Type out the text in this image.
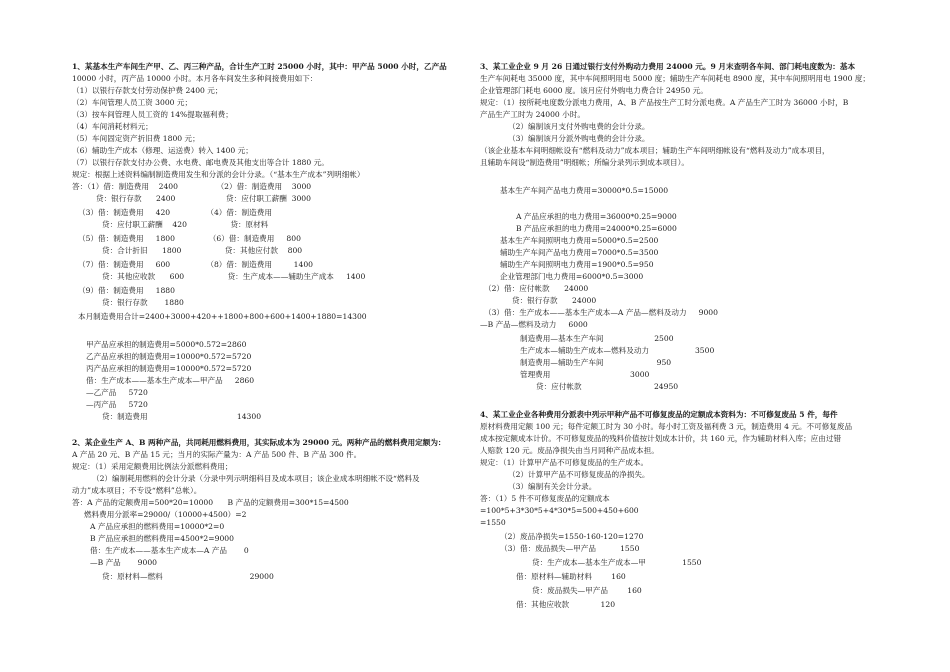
1、某基本生产车间生产甲、乙、丙三种产品，合计生产工时 25000 小时，其中：甲产品 5000 小时，乙产品
10000 小时，丙产品 10000 小时。本月各车间发生多种间接费用如下：
（1）以银行存款支付劳动保护费 2400 元；
（2）车间管理人员工资 3000 元；
（3）按车间管理人员工资的 14%提取福利费；
（4）车间消耗材料元；
（5）车间固定资产折旧费 1800 元；
（6）辅助生产成本（修理、运送费）转入 1400 元；
（7）以银行存款支付办公费、水电费、邮电费及其他支出等合计 1880 元。
规定：根据上述资料编制制造费用发生和分派的会计分录。（“基本生产成本”列明细帐）
答：（1）借：制造费用    2400                （2）借：制造费用    3000
贷：银行存款      2400                     贷：应付职工薪酬  3000
（3）借：制造费用     420               （4）借：制造费用
贷：应付职工薪酬    420                  贷：原材料
（5）借：制造费用     1800              （6）借：制造费用     800
贷：合计折旧      1800                  贷：其他应付款    800
（7）借：制造费用     600               （8）借：制造费用         1400
贷：其他应收款      600                  贷：生产成本——辅助生产成本     1400
（9）借：制造费用     1880
贷：银行存款       1880
本月制造费用合计=2400+3000+420++1800+800+600+1400+1880=14300
甲产品应承担的制造费用=5000*0.572=2860
乙产品应承担的制造费用=10000*0.572=5720
丙产品应承担的制造费用=10000*0.572=5720
借：生产成本——基本生产成本—甲产品     2860
—乙产品     5720
—丙产品     5720
贷：制造费用                                     14300
2、某企业生产 A、B 两种产品，共同耗用燃料费用，其实际成本为 29000 元。两种产品的燃料费用定额为：
A 产品 20 元、B 产品 15 元；当月的实际产量为：A 产品 500 件、B 产品 300 件。
规定：（1）采用定额费用比例法分派燃料费用；
（2）编制耗用燃料的会计分录（分录中列示明细科目及成本项目；该企业成本明细帐不设“燃料及
动力”成本项目；不专设“燃料”总帐）。
答：A 产品的定额费用=500*20=10000      B 产品的定额费用=300*15=4500
燃料费用分派率=29000/（10000+4500）=2
A 产品应承担的燃料费用=10000*2=0
B 产品应承担的燃料费用=4500*2=9000
借：生产成本——基本生产成本—A 产品       0
—B 产品       9000
贷：原材料—燃料                                    29000
3、某工业企业 9 月 26 日通过银行支付外购动力费用 24000 元。9 月末查明各车间、部门耗电度数为：基本
生产车间耗电 35000 度，其中车间照明用电 5000 度；辅助生产车间耗电 8900 度，其中车间照明用电 1900 度；
企业管理部门耗电 6000 度。该月应付外购电力费合计 24950 元。
规定：（1）按所耗电度数分派电力费用，A、B 产品按生产工时分派电费。A 产品生产工时为 36000 小时，B
产品生产工时为 24000 小时。
（2）编制该月支付外购电费的会计分录。
（3）编制该月分派外购电费的会计分录。
（该企业基本车间明细帐设有“燃料及动力”成本项目；辅助生产车间明细帐设有“燃料及动力”成本项目，
且辅助车间设“制造费用”明细帐；所编分录列示到成本项目）。
基本生产车间产品电力费用=30000*0.5=15000
A 产品应承担的电力费用=36000*0.25=9000
B 产品应承担的电力费用=24000*0.25=6000
基本生产车间照明电力费用=5000*0.5=2500
辅助生产车间产品电力费用=7000*0.5=3500
辅助生产车间照明电力费用=1900*0.5=950
企业管理部门电力费用=6000*0.5=3000
（2）借：应付帐款      24000
贷：银行存款      24000
（3）借：生产成本——基本生产成本—A 产品—燃料及动力     9000
—B 产品—燃料及动力     6000
制造费用—基本生产车间                     2500
生产成本—辅助生产成本—燃料及动力                   3500
制造费用—辅助生产车间                      950
管理费用                                 3000
贷：应付帐款                              24950
4、某工业企业各种费用分派表中列示甲种产品不可修复废品的定额成本资料为：不可修复废品 5 件，每件
原材料费用定额 100 元；每件定额工时为 30 小时。每小时工资及福利费 3 元，制造费用 4 元。不可修复废品
成本按定额成本计价。不可修复废品的残料价值按计划成本计价，共 160 元，作为辅助材料入库；应由过错
人赔款 120 元。废品净损失由当月同种产品成本担。
规定：（1）计算甲产品不可修复废品的生产成本。
（2）计算甲产品不可修复废品的净损失。
（3）编制有关会计分录。
答：（1）5 件不可修复废品的定额成本
=100*5+3*30*5+4*30*5=500+450+600
=1550
（2）废品净损失=1550-160-120=1270
（3）借：废品损失—甲产品          1550
贷：生产成本—基本生产成本—甲               1550
借：原材料—辅助材料        160
贷：废品损失—甲产品        160
借：其他应收款             120
